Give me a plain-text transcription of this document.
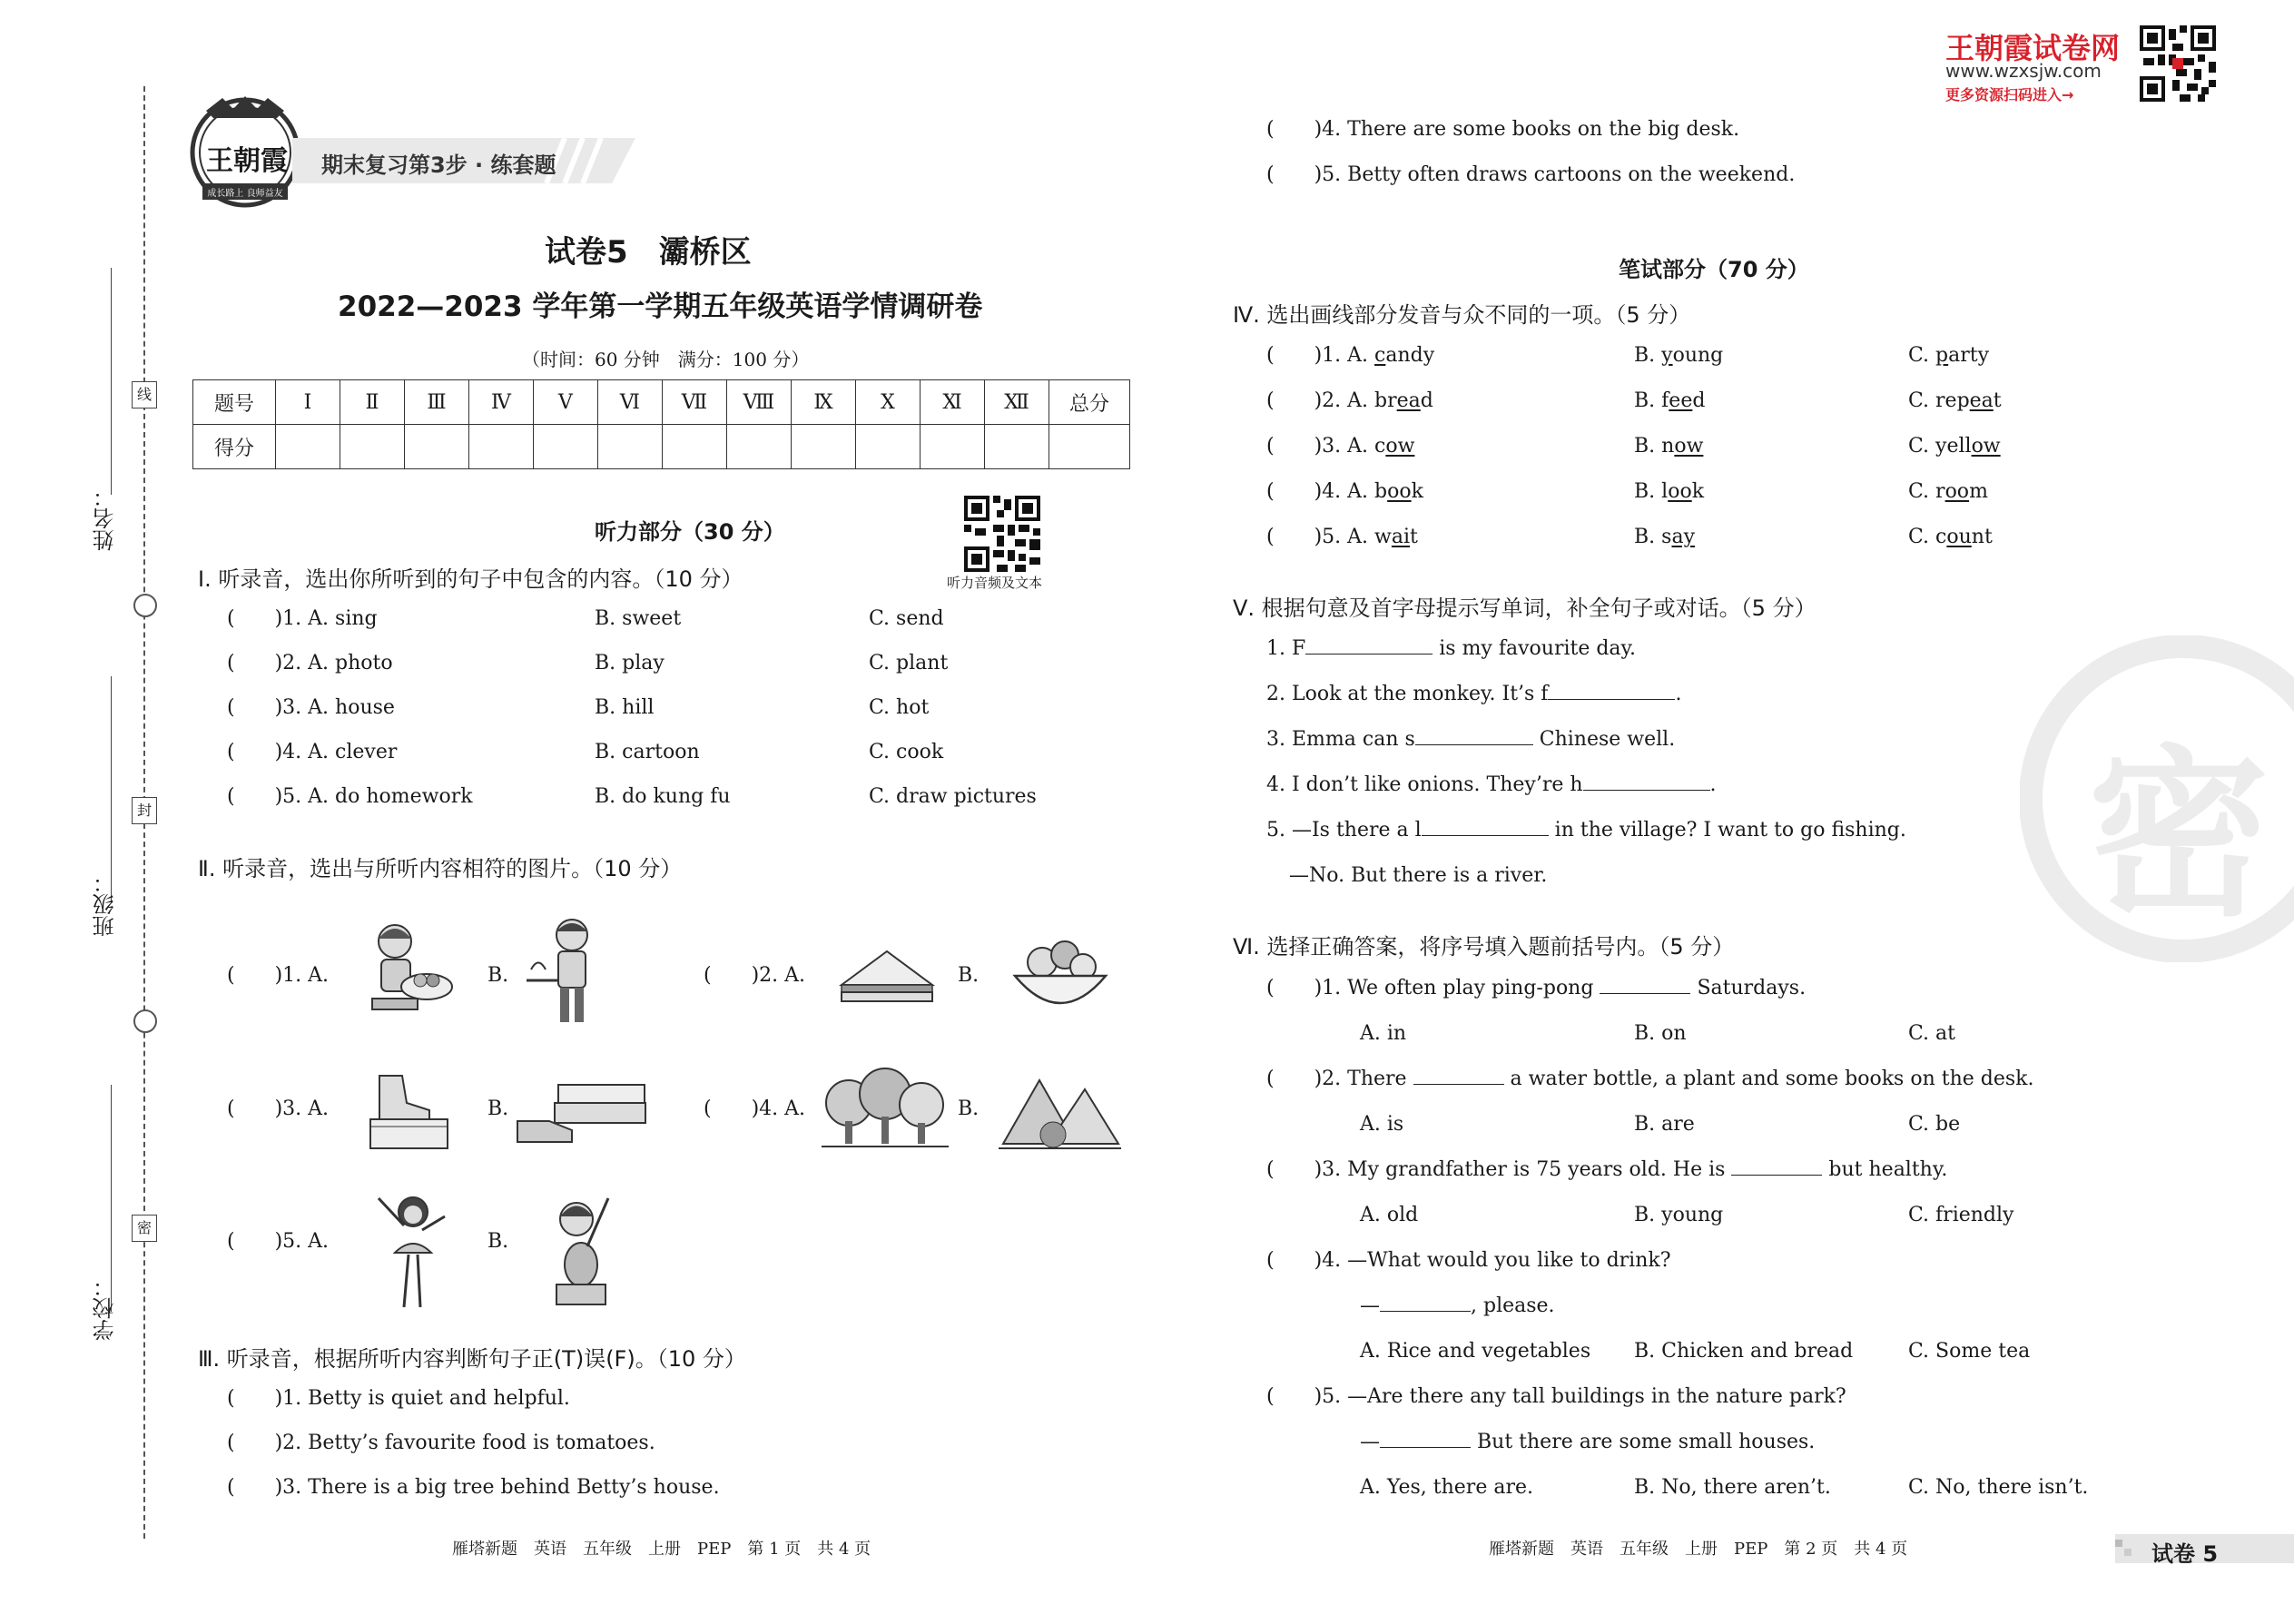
姓名：
班级：
学校：
线
封
密
王朝霞
成长路上 良师益友
期末复习第3步 · 练套题
试卷5　灞桥区
2022—2023 学年第一学期五年级英语学情调研卷
（时间：60 分钟　满分：100 分）
题号	Ⅰ	Ⅱ	Ⅲ	Ⅳ	Ⅴ	Ⅵ	Ⅶ	Ⅷ	Ⅸ	Ⅹ	Ⅺ	Ⅻ	总分
得分													
听力部分（30 分）
听力音频及文本
Ⅰ. 听录音，选出你所听到的句子中包含的内容。（10 分）
(　　)1. A. sing	B. sweet	C. send
(　　)2. A. photo	B. play	C. plant
(　　)3. A. house	B. hill	C. hot
(　　)4. A. clever	B. cartoon	C. cook
(　　)5. A. do homework	B. do kung fu	C. draw pictures
Ⅱ. 听录音，选出与所听内容相符的图片。（10 分）
(　　)1. A.	B.	(　　)2. A.	B.
(　　)3. A.	B.	(　　)4. A.	B.
(　　)5. A.	B.
Ⅲ. 听录音，根据所听内容判断句子正(T)误(F)。（10 分）
(　　)1. Betty is quiet and helpful.
(　　)2. Betty’s favourite food is tomatoes.
(　　)3. There is a big tree behind Betty’s house.
雁塔新题　英语　五年级　上册　PEP　第 1 页　共 4 页
王朝霞试卷网
www.wzxsjw.com
更多资源扫码进入→
密
(　　)4. There are some books on the big desk.
(　　)5. Betty often draws cartoons on the weekend.
笔试部分（70 分）
Ⅳ. 选出画线部分发音与众不同的一项。（5 分）
(　　)1. A. candy	B. young	C. party
(　　)2. A. bread	B. feed	C. repeat
(　　)3. A. cow	B. now	C. yellow
(　　)4. A. book	B. look	C. room
(　　)5. A. wait	B. say	C. count
Ⅴ. 根据句意及首字母提示写单词，补全句子或对话。（5 分）
1. F	is my favourite day.
2. Look at the monkey. It’s f	.
3. Emma can s	Chinese well.
4. I don’t like onions. They’re h	.
5. —Is there a l	in the village? I want to go fishing.
—No. But there is a river.
Ⅵ. 选择正确答案，将序号填入题前括号内。（5 分）
(　　)1. We often play ping-pong	Saturdays.
A. in	B. on	C. at
(　　)2. There	a water bottle, a plant and some books on the desk.
A. is	B. are	C. be
(　　)3. My grandfather is 75 years old. He is	but healthy.
A. old	B. young	C. friendly
(　　)4. —What would you like to drink?
—	, please.
A. Rice and vegetables B. Chicken and bread	C. Some tea
(　　)5. —Are there any tall buildings in the nature park?
—	But there are some small houses.
A. Yes, there are.	B. No, there aren’t.	C. No, there isn’t.
雁塔新题　英语　五年级　上册　PEP　第 2 页　共 4 页	试卷 5
